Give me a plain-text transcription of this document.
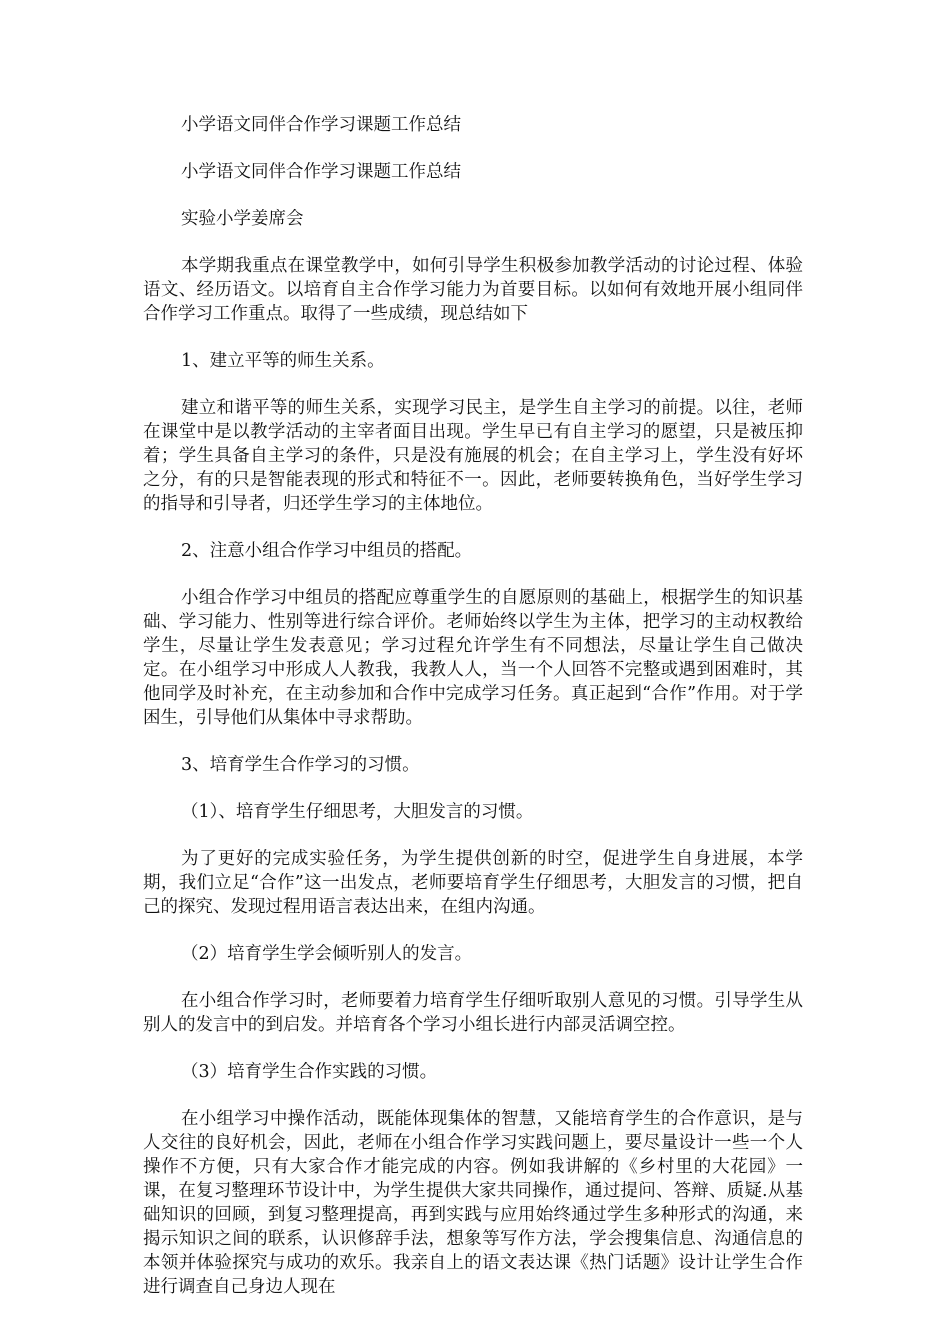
小学语文同伴合作学习课题工作总结

小学语文同伴合作学习课题工作总结

实验小学姜席会

本学期我重点在课堂教学中，如何引导学生积极参加教学活动的讨论过程、体验语文、经历语文。以培育自主合作学习能力为首要目标。以如何有效地开展小组同伴合作学习工作重点。取得了一些成绩，现总结如下

1、建立平等的师生关系。

建立和谐平等的师生关系，实现学习民主，是学生自主学习的前提。以往，老师在课堂中是以教学活动的主宰者面目出现。学生早已有自主学习的愿望，只是被压抑着；学生具备自主学习的条件，只是没有施展的机会；在自主学习上，学生没有好坏之分，有的只是智能表现的形式和特征不一。因此，老师要转换角色，当好学生学习的指导和引导者，归还学生学习的主体地位。

2、注意小组合作学习中组员的搭配。

小组合作学习中组员的搭配应尊重学生的自愿原则的基础上，根据学生的知识基础、学习能力、性别等进行综合评价。老师始终以学生为主体，把学习的主动权教给学生，尽量让学生发表意见；学习过程允许学生有不同想法，尽量让学生自己做决定。在小组学习中形成人人教我，我教人人，当一个人回答不完整或遇到困难时，其他同学及时补充，在主动参加和合作中完成学习任务。真正起到“合作”作用。对于学困生，引导他们从集体中寻求帮助。

3、培育学生合作学习的习惯。

（1）、培育学生仔细思考，大胆发言的习惯。

为了更好的完成实验任务，为学生提供创新的时空，促进学生自身进展，本学期，我们立足“合作”这一出发点，老师要培育学生仔细思考，大胆发言的习惯，把自己的探究、发现过程用语言表达出来，在组内沟通。

（2）培育学生学会倾听别人的发言。

在小组合作学习时，老师要着力培育学生仔细听取别人意见的习惯。引导学生从别人的发言中的到启发。并培育各个学习小组长进行内部灵活调空控。

（3）培育学生合作实践的习惯。

在小组学习中操作活动，既能体现集体的智慧，又能培育学生的合作意识，是与人交往的良好机会，因此，老师在小组合作学习实践问题上，要尽量设计一些一个人操作不方便，只有大家合作才能完成的内容。例如我讲解的《乡村里的大花园》一课，在复习整理环节设计中，为学生提供大家共同操作，通过提问、答辩、质疑.从基础知识的回顾，到复习整理提高，再到实践与应用始终通过学生多种形式的沟通，来揭示知识之间的联系，认识修辞手法，想象等写作方法，学会搜集信息、沟通信息的本领并体验探究与成功的欢乐。我亲自上的语文表达课《热门话题》设计让学生合作进行调查自己身边人现在
